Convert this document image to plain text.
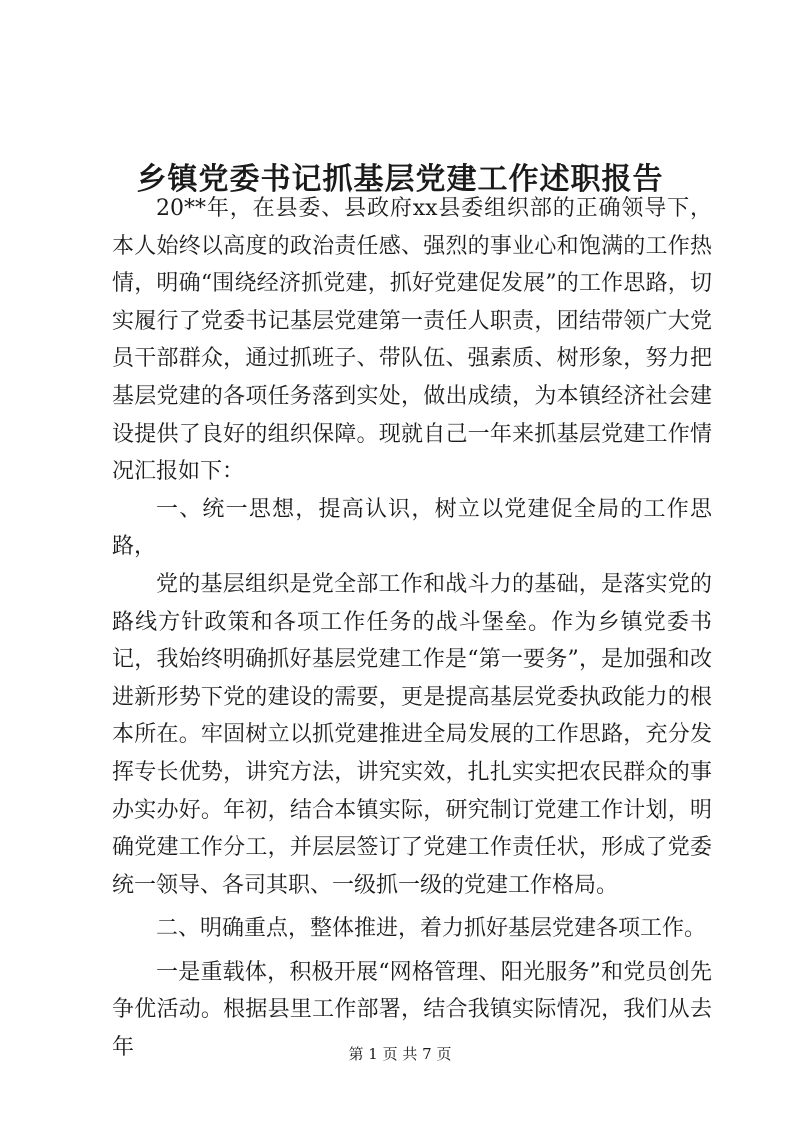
乡镇党委书记抓基层党建工作述职报告

20**年，在县委、县政府xx县委组织部的正确领导下，本人始终以高度的政治责任感、强烈的事业心和饱满的工作热情，明确“围绕经济抓党建，抓好党建促发展”的工作思路，切实履行了党委书记基层党建第一责任人职责，团结带领广大党员干部群众，通过抓班子、带队伍、强素质、树形象，努力把基层党建的各项任务落到实处，做出成绩，为本镇经济社会建设提供了良好的组织保障。现就自己一年来抓基层党建工作情况汇报如下：

一、统一思想，提高认识，树立以党建促全局的工作思路，

党的基层组织是党全部工作和战斗力的基础，是落实党的路线方针政策和各项工作任务的战斗堡垒。作为乡镇党委书记，我始终明确抓好基层党建工作是“第一要务”，是加强和改进新形势下党的建设的需要，更是提高基层党委执政能力的根本所在。牢固树立以抓党建推进全局发展的工作思路，充分发挥专长优势，讲究方法，讲究实效，扎扎实实把农民群众的事办实办好。年初，结合本镇实际，研究制订党建工作计划，明确党建工作分工，并层层签订了党建工作责任状，形成了党委统一领导、各司其职、一级抓一级的党建工作格局。

二、明确重点，整体推进，着力抓好基层党建各项工作。

一是重载体，积极开展“网格管理、阳光服务”和党员创先争优活动。根据县里工作部署，结合我镇实际情况，我们从去年	第 1 页 共 7 页
